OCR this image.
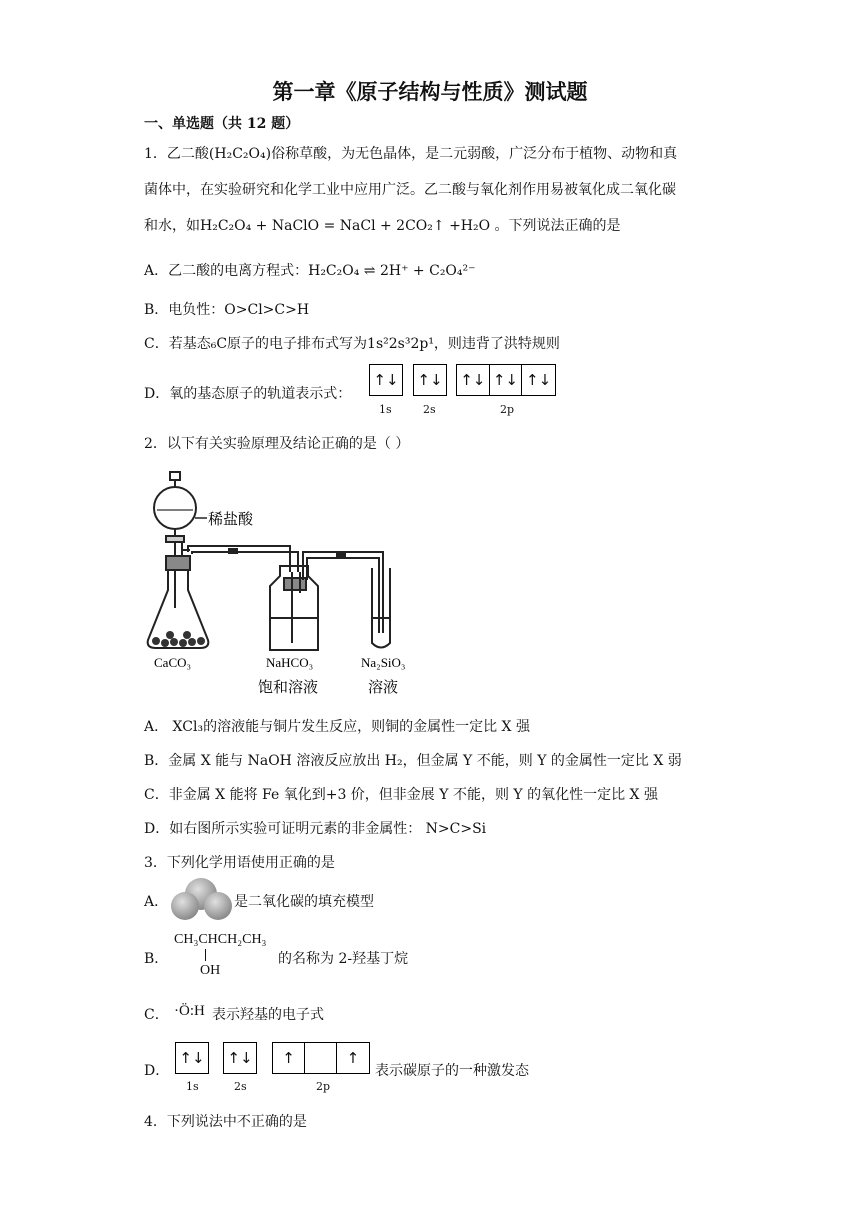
第一章《原子结构与性质》测试题
一、单选题（共 12 题）
1．乙二酸(H₂C₂O₄)俗称草酸，为无色晶体，是二元弱酸，广泛分布于植物、动物和真
菌体中，在实验研究和化学工业中应用广泛。乙二酸与氧化剂作用易被氧化成二氧化碳
和水，如H₂C₂O₄ + NaClO = NaCl + 2CO₂↑ +H₂O 。下列说法正确的是
A．乙二酸的电离方程式：H₂C₂O₄ ⇌ 2H⁺ + C₂O₄²⁻
B．电负性：O>Cl>C>H
C．若基态₆C原子的电子排布式写为1s²2s³2p¹，则违背了洪特规则
D．氧的基态原子的轨道表示式：
↑↓ ↑↓ ↑↓ ↑↓ ↑↓
1s	2s	2p
2．以下有关实验原理及结论正确的是（ ）
稀盐酸
CaCO₃	NaHCO₃
饱和溶液
Na₂SiO₃
溶液
A． XCl₃的溶液能与铜片发生反应，则铜的金属性一定比 X 强
B．金属 X 能与 NaOH 溶液反应放出 H₂，但金属 Y 不能，则 Y 的金属性一定比 X 弱
C．非金属 X 能将 Fe 氧化到+3 价，但非金展 Y 不能，则 Y 的氧化性一定比 X 强
D．如右图所示实验可证明元素的非金属性： N>C>Si
3．下列化学用语使用正确的是
A．	是二氧化碳的填充模型
B．
CH₃CHCH₂CH₃
OH
的名称为 2-羟基丁烷
C． ·Ö:H 表示羟基的电子式
D．
↑↓ ↑↓	↑	↑
1s	2s	2p
表示碳原子的一种激发态
4．下列说法中不正确的是
